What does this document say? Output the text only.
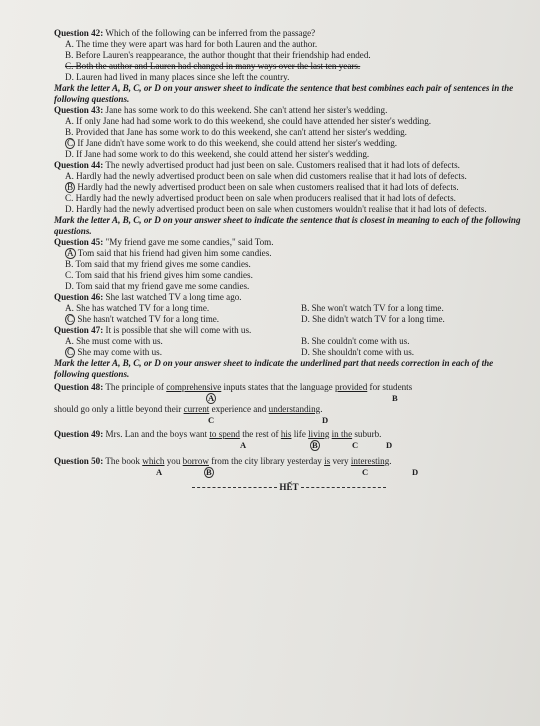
Question 42: Which of the following can be inferred from the passage?
A. The time they were apart was hard for both Lauren and the author.
B. Before Lauren's reappearance, the author thought that their friendship had ended.
C. Both the author and Lauren had changed in many ways over the last ten years.
D. Lauren had lived in many places since she left the country.
Mark the letter A, B, C, or D on your answer sheet to indicate the sentence that best combines each pair of sentences in the following questions.
Question 43: Jane has some work to do this weekend. She can't attend her sister's wedding.
A. If only Jane had had some work to do this weekend, she could have attended her sister's wedding.
B. Provided that Jane has some work to do this weekend, she can't attend her sister's wedding.
C If Jane didn't have some work to do this weekend, she could attend her sister's wedding.
D. If Jane had some work to do this weekend, she could attend her sister's wedding.
Question 44: The newly advertised product had just been on sale. Customers realised that it had lots of defects.
A. Hardly had the newly advertised product been on sale when did customers realise that it had lots of defects.
B Hardly had the newly advertised product been on sale when customers realised that it had lots of defects.
C. Hardly had the newly advertised product been on sale when producers realised that it had lots of defects.
D. Hardly had the newly advertised product been on sale when customers wouldn't realise that it had lots of defects.
Mark the letter A, B, C, or D on your answer sheet to indicate the sentence that is closest in meaning to each of the following questions.
Question 45: "My friend gave me some candies," said Tom.
A Tom said that his friend had given him some candies.
B. Tom said that my friend gives me some candies.
C. Tom said that his friend gives him some candies.
D. Tom said that my friend gave me some candies.
Question 46: She last watched TV a long time ago.
A. She has watched TV for a long time.	B. She won't watch TV for a long time.
C She hasn't watched TV for a long time.	D. She didn't watch TV for a long time.
Question 47: It is possible that she will come with us.
A. She must come with us.	B. She couldn't come with us.
C She may come with us.	D. She shouldn't come with us.
Mark the letter A, B, C, or D on your answer sheet to indicate the underlined part that needs correction in each of the following questions.
Question 48: The principle of comprehensive inputs states that the language provided for students
A	B
should go only a little beyond their current experience and understanding.
C	D
Question 49: Mrs. Lan and the boys want to spend the rest of his life living in the suburb.
A	B	C	D
Question 50: The book which you borrow from the city library yesterday is very interesting.
A	B	C	D
HẾT
